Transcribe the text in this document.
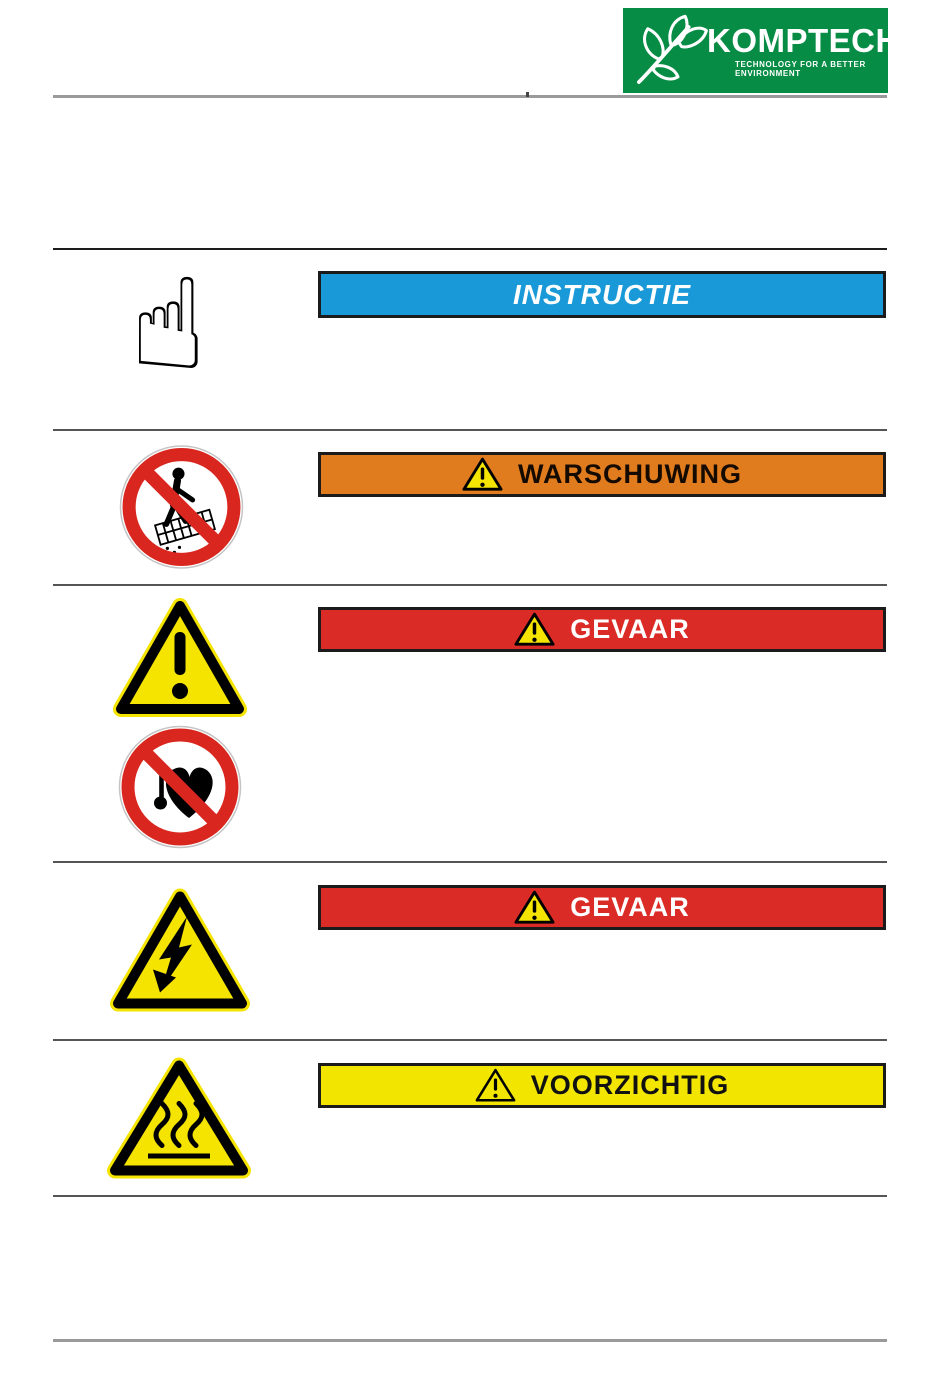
KOMPTECH
TECHNOLOGY FOR A BETTER ENVIRONMENT
☝	INSTRUCTIE
WARSCHUWING
GEVAAR
GEVAAR
VOORZICHTIG
